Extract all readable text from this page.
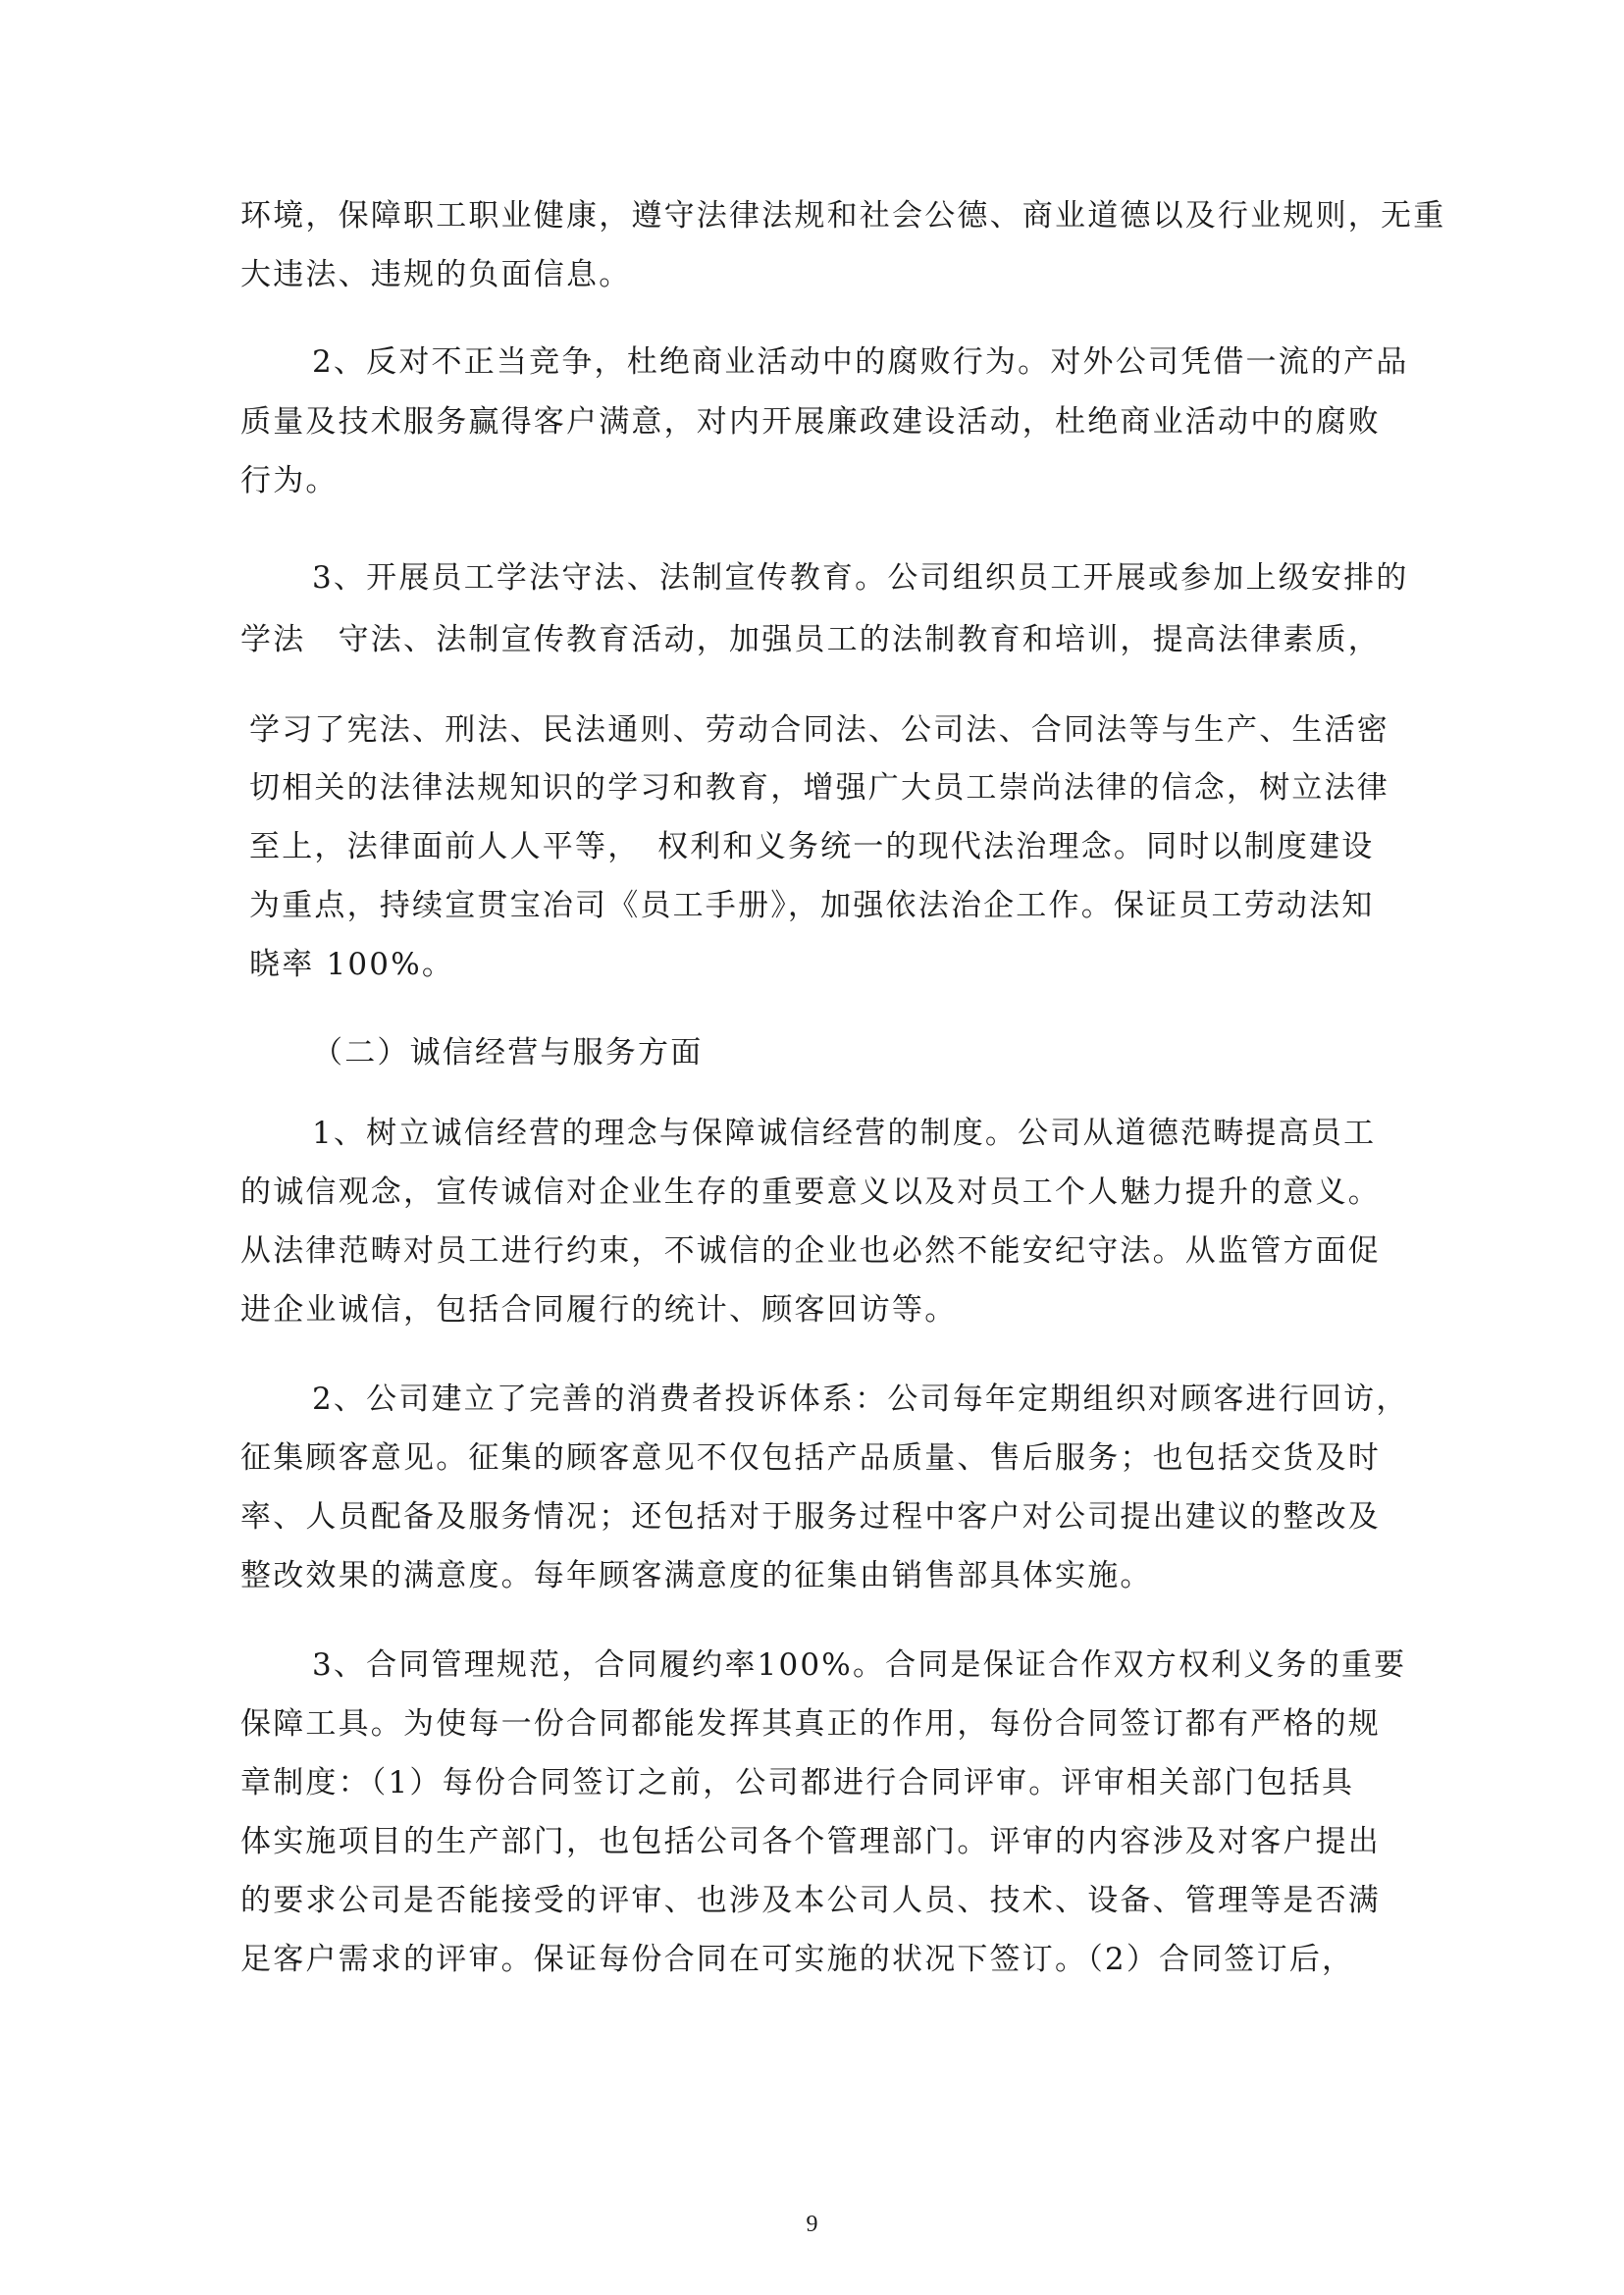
环境，保障职工职业健康，遵守法律法规和社会公德、商业道德以及行业规则，无重
大违法、违规的负面信息。
2、反对不正当竞争，杜绝商业活动中的腐败行为。对外公司凭借一流的产品
质量及技术服务赢得客户满意，对内开展廉政建设活动，杜绝商业活动中的腐败
行为。
3、开展员工学法守法、法制宣传教育。公司组织员工开展或参加上级安排的
学法　守法、法制宣传教育活动，加强员工的法制教育和培训，提高法律素质，
学习了宪法、刑法、民法通则、劳动合同法、公司法、合同法等与生产、生活密
切相关的法律法规知识的学习和教育，增强广大员工崇尚法律的信念，树立法律
至上，法律面前人人平等，　权利和义务统一的现代法治理念。同时以制度建设
为重点，持续宣贯宝冶司《员工手册》，加强依法治企工作。保证员工劳动法知
晓率 100%。
（二）诚信经营与服务方面
1、树立诚信经营的理念与保障诚信经营的制度。公司从道德范畴提高员工
的诚信观念，宣传诚信对企业生存的重要意义以及对员工个人魅力提升的意义。
从法律范畴对员工进行约束，不诚信的企业也必然不能安纪守法。从监管方面促
进企业诚信，包括合同履行的统计、顾客回访等。
2、公司建立了完善的消费者投诉体系：公司每年定期组织对顾客进行回访，
征集顾客意见。征集的顾客意见不仅包括产品质量、售后服务；也包括交货及时
率、人员配备及服务情况；还包括对于服务过程中客户对公司提出建议的整改及
整改效果的满意度。每年顾客满意度的征集由销售部具体实施。
3、合同管理规范，合同履约率100%。合同是保证合作双方权利义务的重要
保障工具。为使每一份合同都能发挥其真正的作用，每份合同签订都有严格的规
章制度：（1）每份合同签订之前，公司都进行合同评审。评审相关部门包括具
体实施项目的生产部门，也包括公司各个管理部门。评审的内容涉及对客户提出
的要求公司是否能接受的评审、也涉及本公司人员、技术、设备、管理等是否满
足客户需求的评审。保证每份合同在可实施的状况下签订。（2）合同签订后，
9
